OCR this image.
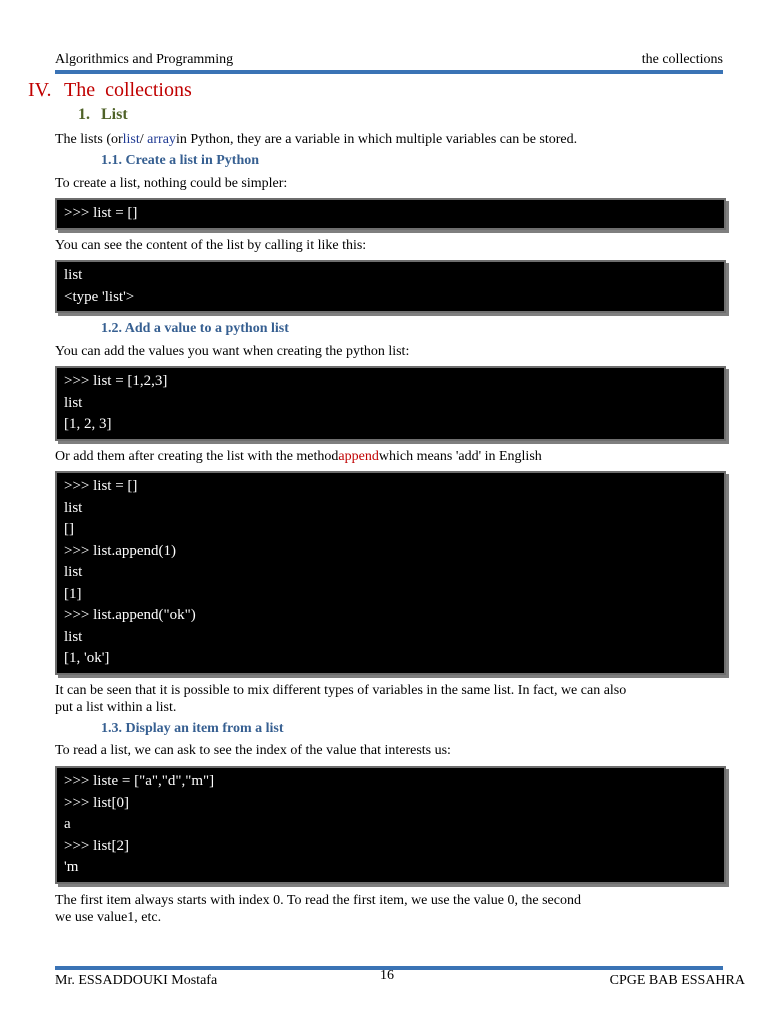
Algorithmics and Programming	the collections
IV. The  collections
1. List
The lists (orlist/ arrayin Python, they are a variable in which multiple variables can be stored.
1.1. Create a list in Python
To create a list, nothing could be simpler:
>>> list = []
You can see the content of the list by calling it like this:
list
<type 'list'>
1.2. Add a value to a python list
You can add the values you want when creating the python list:
>>> list = [1,2,3]
list
[1, 2, 3]
Or add them after creating the list with the methodappendwhich means 'add' in English
>>> list = []
list
[]
>>> list.append(1)
list
[1]
>>> list.append("ok")
list
[1, 'ok']
It can be seen that it is possible to mix different types of variables in the same list. In fact, we can also
put a list within a list.
1.3. Display an item from a list
To read a list, we can ask to see the index of the value that interests us:
>>> liste = ["a","d","m"]
>>> list[0]
a
>>> list[2]
'm
The first item always starts with index 0. To read the first item, we use the value 0, the second
we use value1, etc.
Mr. ESSADDOUKI Mostafa	16	CPGE BAB ESSAHRA
